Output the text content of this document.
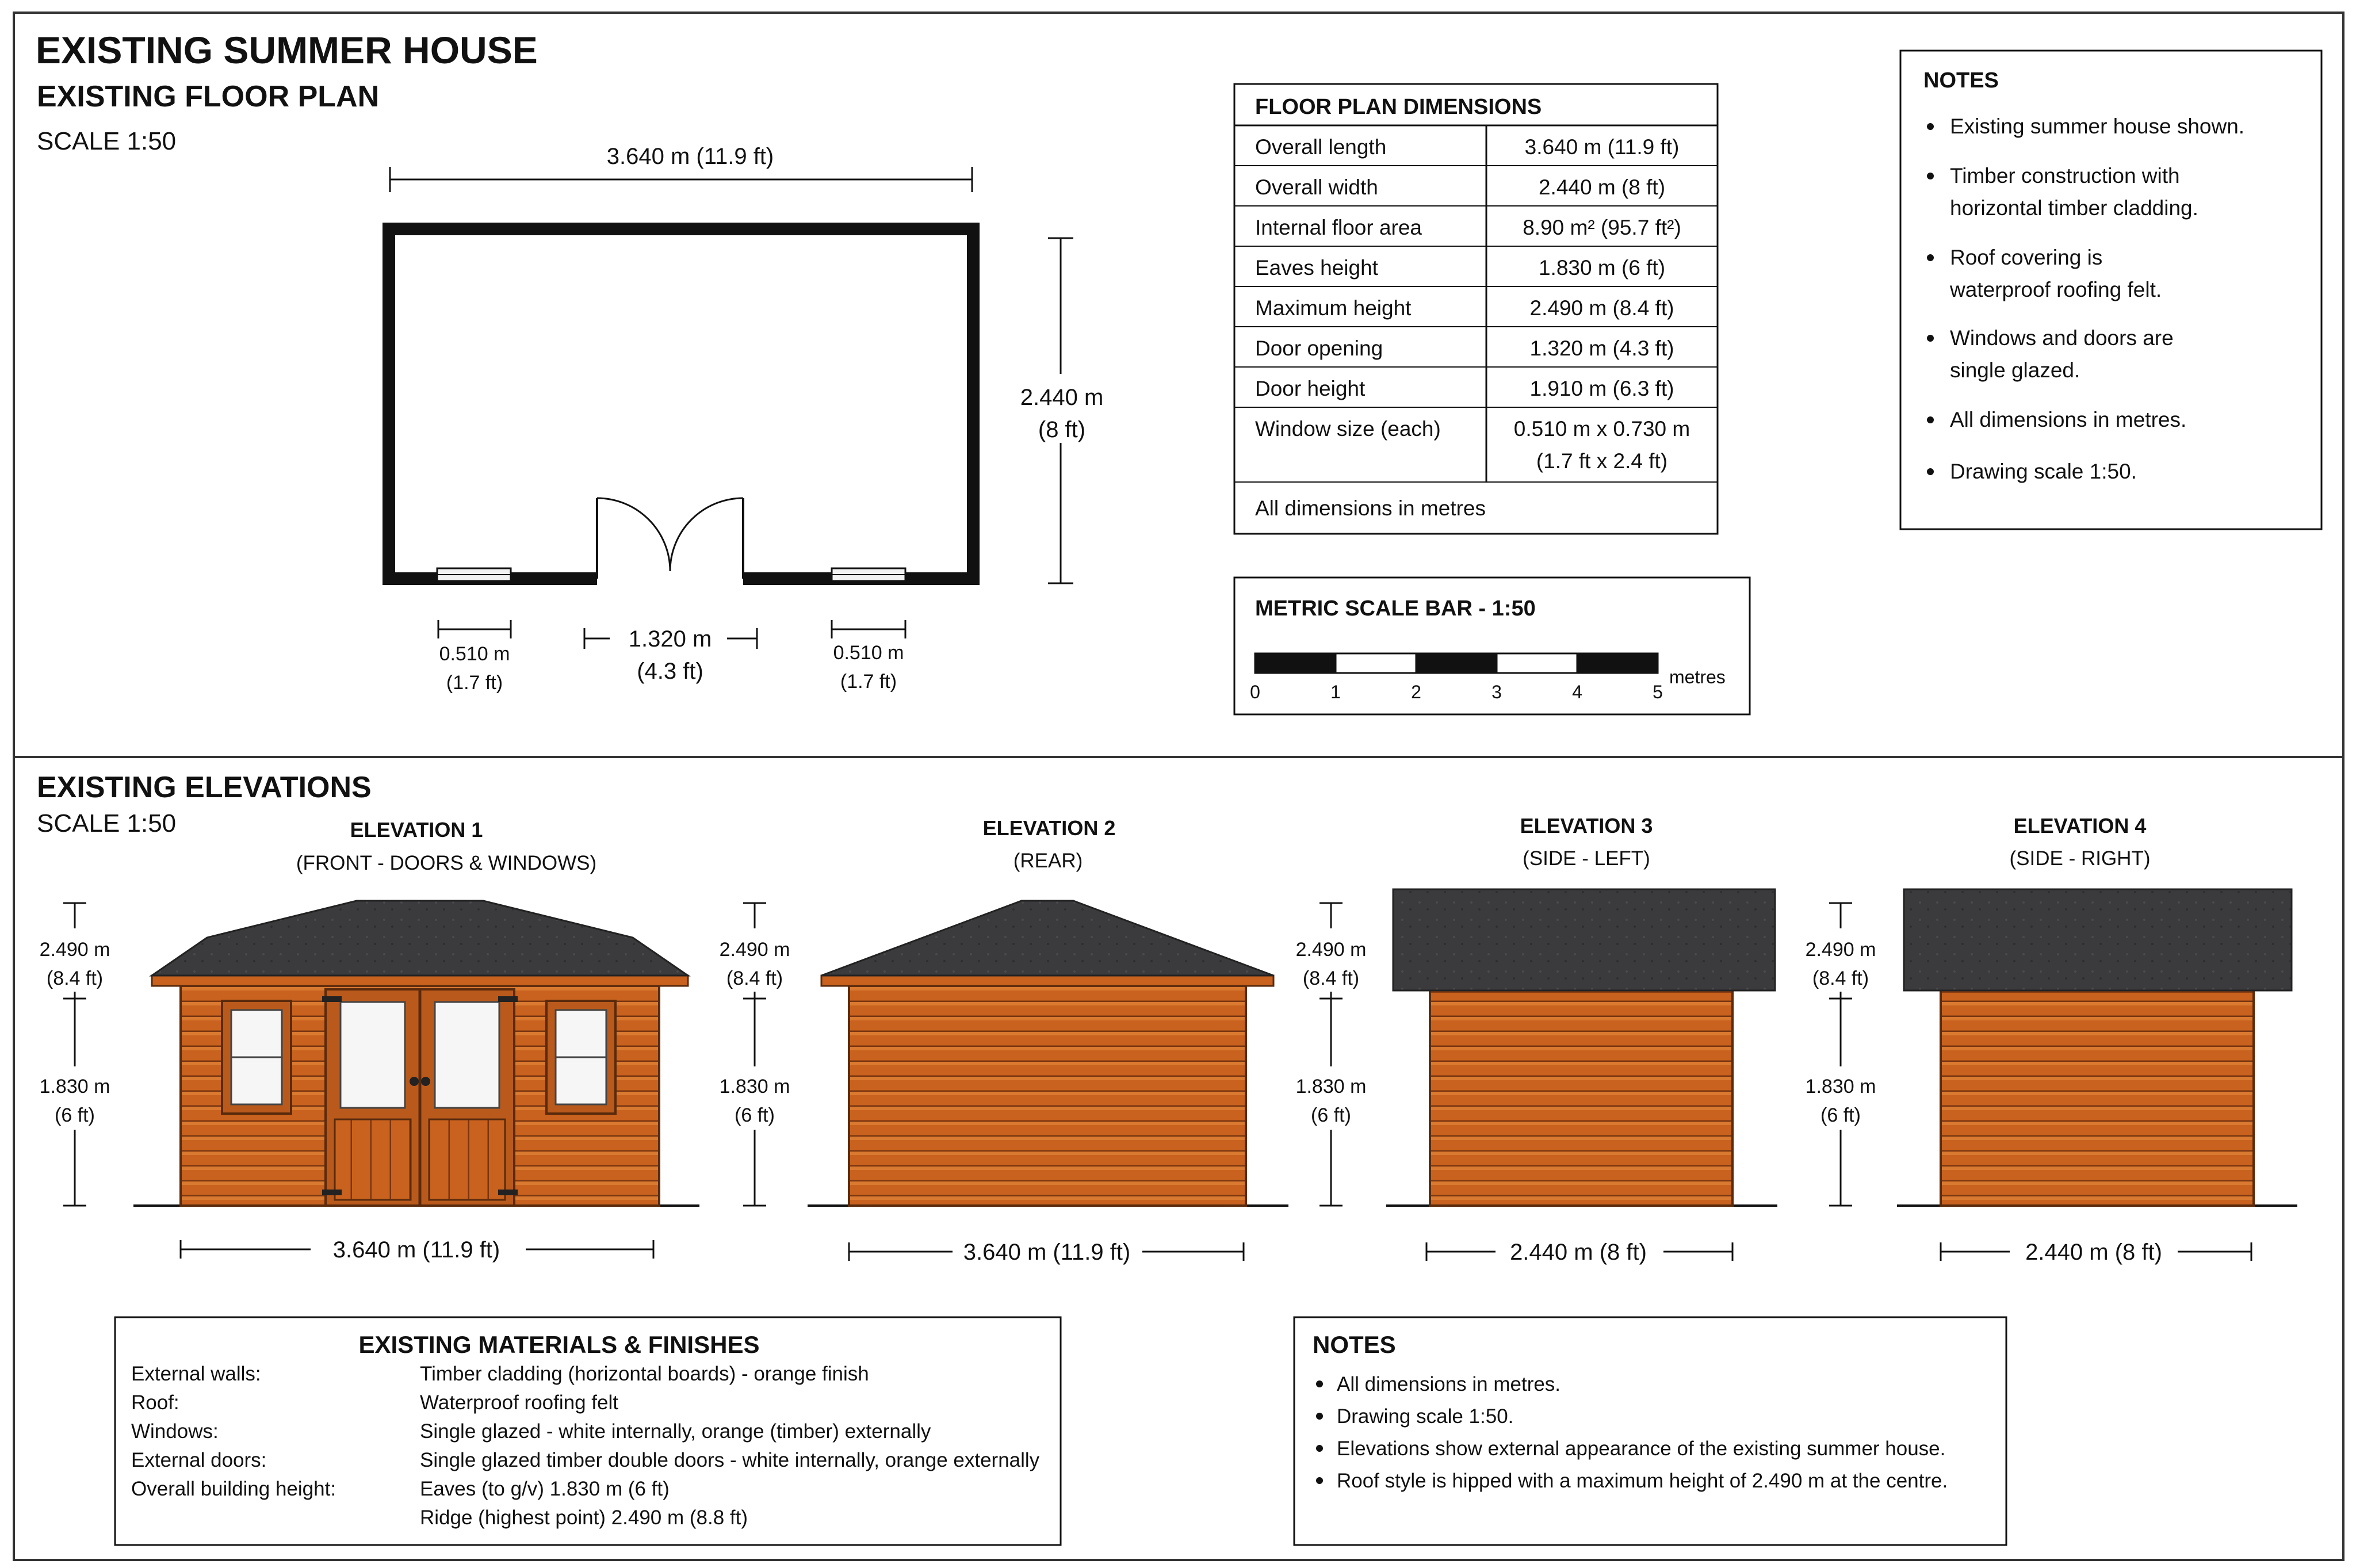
EXISTING SUMMER HOUSE
EXISTING FLOOR PLAN
SCALE 1:50
3.640 m (11.9 ft)
2.440 m
(8 ft)
0.510 m
(1.7 ft)
1.320 m
(4.3 ft)
0.510 m
(1.7 ft)
FLOOR PLAN DIMENSIONS
Overall length	3.640 m (11.9 ft)
Overall width	2.440 m (8 ft)
Internal floor area	8.90 m² (95.7 ft²)
Eaves height	1.830 m (6 ft)
Maximum height	2.490 m (8.4 ft)
Door opening	1.320 m (4.3 ft)
Door height	1.910 m (6.3 ft)
Window size (each)	0.510 m x 0.730 m
(1.7 ft x 2.4 ft)
All dimensions in metres
METRIC SCALE BAR - 1:50
0	1	2	3	4	5
metres
NOTES
Existing summer house shown.
Timber construction with
horizontal timber cladding.
Roof covering is
waterproof roofing felt.
Windows and doors are
single glazed.
All dimensions in metres.
Drawing scale 1:50.
EXISTING ELEVATIONS
SCALE 1:50	ELEVATION 1
(FRONT - DOORS & WINDOWS)
ELEVATION 2
(REAR)
ELEVATION 3
(SIDE - LEFT)
ELEVATION 4
(SIDE - RIGHT)
2.490 m
(8.4 ft)
1.830 m
(6 ft)
2.490 m
(8.4 ft)
1.830 m
(6 ft)
2.490 m
(8.4 ft)
1.830 m
(6 ft)
2.490 m
(8.4 ft)
1.830 m
(6 ft)
3.640 m (11.9 ft)	3.640 m (11.9 ft)	2.440 m (8 ft)	2.440 m (8 ft)
EXISTING MATERIALS & FINISHES
External walls:	Timber cladding (horizontal boards) - orange finish
Roof:	Waterproof roofing felt
Windows:	Single glazed - white internally, orange (timber) externally
External doors:	Single glazed timber double doors - white internally, orange externally
Overall building height:	Eaves (to g/v) 1.830 m (6 ft)
Ridge (highest point) 2.490 m (8.8 ft)
NOTES
All dimensions in metres.
Drawing scale 1:50.
Elevations show external appearance of the existing summer house.
Roof style is hipped with a maximum height of 2.490 m at the centre.
